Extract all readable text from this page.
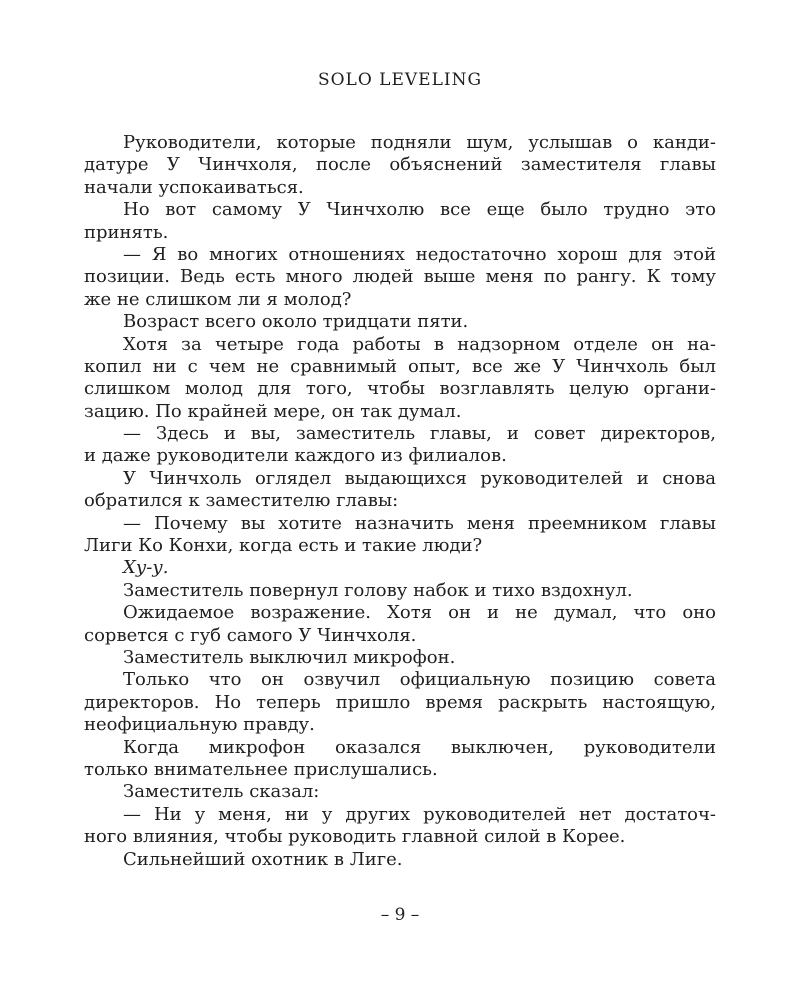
SOLO LEVELING
Руководители, которые подняли шум, услышав о канди-
датуре У Чинчхоля, после объяснений заместителя главы
начали успокаиваться.
Но вот самому У Чинчхолю все еще было трудно это
принять.
— Я во многих отношениях недостаточно хорош для этой
позиции. Ведь есть много людей выше меня по рангу. К тому
же не слишком ли я молод?
Возраст всего около тридцати пяти.
Хотя за четыре года работы в надзорном отделе он на-
копил ни с чем не сравнимый опыт, все же У Чинчхоль был
слишком молод для того, чтобы возглавлять целую органи-
зацию. По крайней мере, он так думал.
— Здесь и вы, заместитель главы, и совет директоров,
и даже руководители каждого из филиалов.
У Чинчхоль оглядел выдающихся руководителей и снова
обратился к заместителю главы:
— Почему вы хотите назначить меня преемником главы
Лиги Ко Конхи, когда есть и такие люди?
Ху-у.
Заместитель повернул голову набок и тихо вздохнул.
Ожидаемое возражение. Хотя он и не думал, что оно
сорвется с губ самого У Чинчхоля.
Заместитель выключил микрофон.
Только что он озвучил официальную позицию совета
директоров. Но теперь пришло время раскрыть настоящую,
неофициальную правду.
Когда микрофон оказался выключен, руководители
только внимательнее прислушались.
Заместитель сказал:
— Ни у меня, ни у других руководителей нет достаточ-
ного влияния, чтобы руководить главной силой в Корее.
Сильнейший охотник в Лиге.
– 9 –
